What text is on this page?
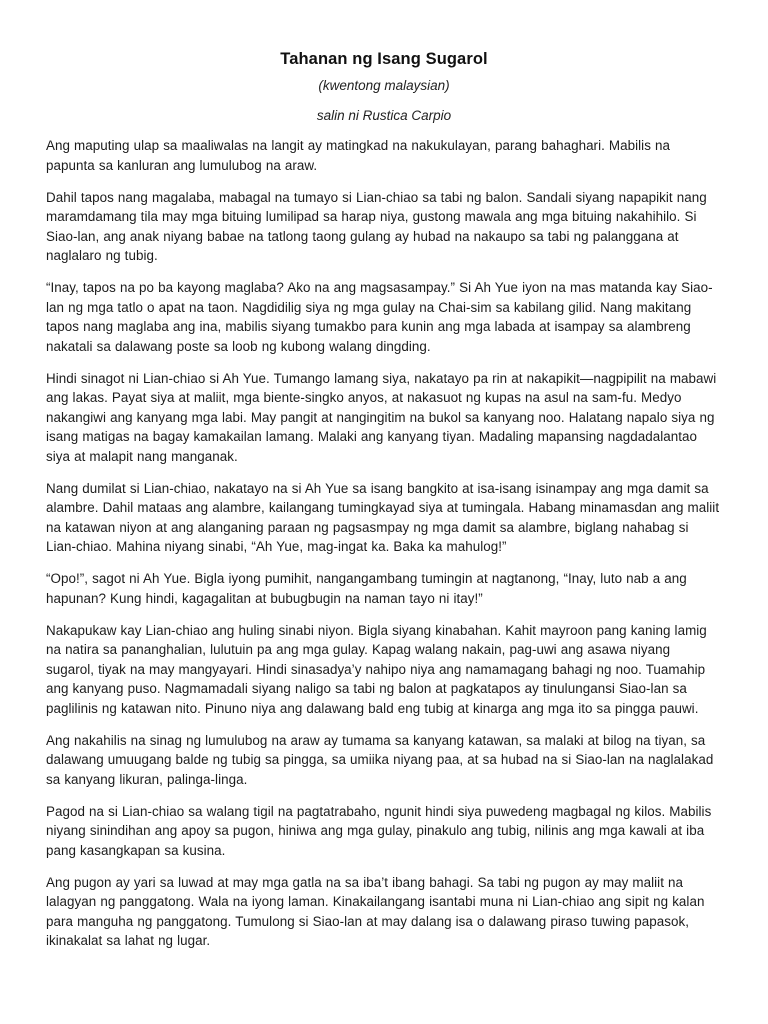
Tahanan ng Isang Sugarol
(kwentong malaysian)
salin ni Rustica Carpio

Ang maputing ulap sa maaliwalas na langit ay matingkad na nakukulayan, parang bahaghari. Mabilis na papunta sa kanluran ang lumulubog na araw.

Dahil tapos nang magalaba, mabagal na tumayo si Lian-chiao sa tabi ng balon. Sandali siyang napapikit nang maramdamang tila may mga bituing lumilipad sa harap niya, gustong mawala ang mga bituing nakahihilo. Si Siao-lan, ang anak niyang babae na tatlong taong gulang ay hubad na nakaupo sa tabi ng palanggana at naglalaro ng tubig.

“Inay, tapos na po ba kayong maglaba? Ako na ang magsasampay.” Si Ah Yue iyon na mas matanda kay Siao-lan ng mga tatlo o apat na taon. Nagdidilig siya ng mga gulay na Chai-sim sa kabilang gilid. Nang makitang tapos nang maglaba ang ina, mabilis siyang tumakbo para kunin ang mga labada at isampay sa alambreng nakatali sa dalawang poste sa loob ng kubong walang dingding.

Hindi sinagot ni Lian-chiao si Ah Yue. Tumango lamang siya, nakatayo pa rin at nakapikit—nagpipilit na mabawi ang lakas. Payat siya at maliit, mga biente-singko anyos, at nakasuot ng kupas na asul na sam-fu. Medyo nakangiwi ang kanyang mga labi. May pangit at nangingitim na bukol sa kanyang noo. Halatang napalo siya ng isang matigas na bagay kamakailan lamang. Malaki ang kanyang tiyan. Madaling mapansing nagdadalantao siya at malapit nang manganak.

Nang dumilat si Lian-chiao, nakatayo na si Ah Yue sa isang bangkito at isa-isang isinampay ang mga damit sa alambre. Dahil mataas ang alambre, kailangang tumingkayad siya at tumingala. Habang minamasdan ang maliit na katawan niyon at ang alanganing paraan ng pagsasmpay ng mga damit sa alambre, biglang nahabag si Lian-chiao. Mahina niyang sinabi, “Ah Yue, mag-ingat ka. Baka ka mahulog!”

“Opo!”, sagot ni Ah Yue. Bigla iyong pumihit, nangangambang tumingin at nagtanong, “Inay, luto nab a ang hapunan? Kung hindi, kagagalitan at bubugbugin na naman tayo ni itay!”

Nakapukaw kay Lian-chiao ang huling sinabi niyon. Bigla siyang kinabahan. Kahit mayroon pang kaning lamig na natira sa pananghalian, lulutuin pa ang mga gulay. Kapag walang nakain, pag-uwi ang asawa niyang sugarol, tiyak na may mangyayari. Hindi sinasadya’y nahipo niya ang namamagang bahagi ng noo. Tuamahip ang kanyang puso. Nagmamadali siyang naligo sa tabi ng balon at pagkatapos ay tinulungansi Siao-lan sa paglilinis ng katawan nito. Pinuno niya ang dalawang bald eng tubig at kinarga ang mga ito sa pingga pauwi.

Ang nakahilis na sinag ng lumulubog na araw ay tumama sa kanyang katawan, sa malaki at bilog na tiyan, sa dalawang umuugang balde ng tubig sa pingga, sa umiika niyang paa, at sa hubad na si Siao-lan na naglalakad sa kanyang likuran, palinga-linga.

Pagod na si Lian-chiao sa walang tigil na pagtatrabaho, ngunit hindi siya puwedeng magbagal ng kilos. Mabilis niyang sinindihan ang apoy sa pugon, hiniwa ang mga gulay, pinakulo ang tubig, nilinis ang mga kawali at iba pang kasangkapan sa kusina.

Ang pugon ay yari sa luwad at may mga gatla na sa iba’t ibang bahagi. Sa tabi ng pugon ay may maliit na lalagyan ng panggatong. Wala na iyong laman. Kinakailangang isantabi muna ni Lian-chiao ang sipit ng kalan para manguha ng panggatong. Tumulong si Siao-lan at may dalang isa o dalawang piraso tuwing papasok, ikinakalat sa lahat ng lugar.
